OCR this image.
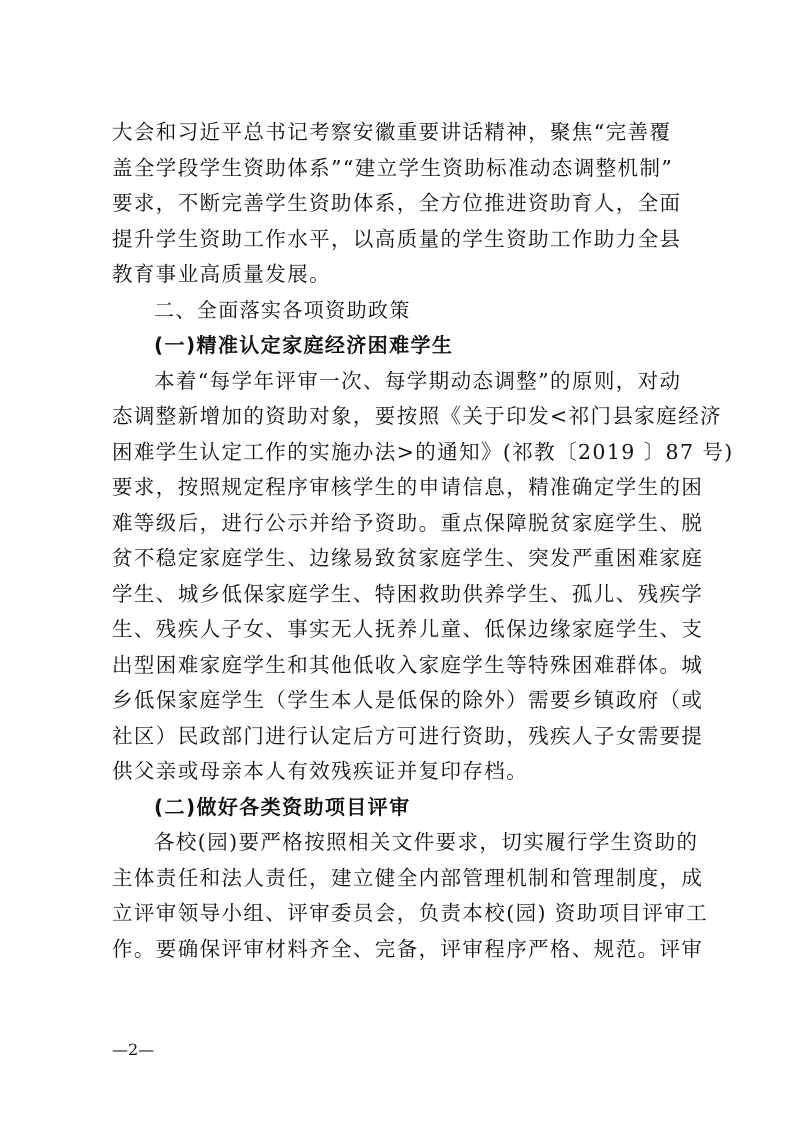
大会和习近平总书记考察安徽重要讲话精神，聚焦“完善覆
盖全学段学生资助体系”“建立学生资助标准动态调整机制”
要求，不断完善学生资助体系，全方位推进资助育人，全面
提升学生资助工作水平，以高质量的学生资助工作助力全县
教育事业高质量发展。
二、全面落实各项资助政策
(一)精准认定家庭经济困难学生
本着“每学年评审一次、每学期动态调整”的原则，对动
态调整新增加的资助对象，要按照《关于印发<祁门县家庭经济
困难学生认定工作的实施办法>的通知》(祁教〔2019 〕87 号)
要求，按照规定程序审核学生的申请信息，精准确定学生的困
难等级后，进行公示并给予资助。重点保障脱贫家庭学生、脱
贫不稳定家庭学生、边缘易致贫家庭学生、突发严重困难家庭
学生、城乡低保家庭学生、特困救助供养学生、孤儿、残疾学
生、残疾人子女、事实无人抚养儿童、低保边缘家庭学生、支
出型困难家庭学生和其他低收入家庭学生等特殊困难群体。城
乡低保家庭学生（学生本人是低保的除外）需要乡镇政府（或
社区）民政部门进行认定后方可进行资助，残疾人子女需要提
供父亲或母亲本人有效残疾证并复印存档。
(二)做好各类资助项目评审
各校(园)要严格按照相关文件要求，切实履行学生资助的
主体责任和法人责任，建立健全内部管理机制和管理制度，成
立评审领导小组、评审委员会，负责本校(园) 资助项目评审工
作。要确保评审材料齐全、完备，评审程序严格、规范。评审
—2—
